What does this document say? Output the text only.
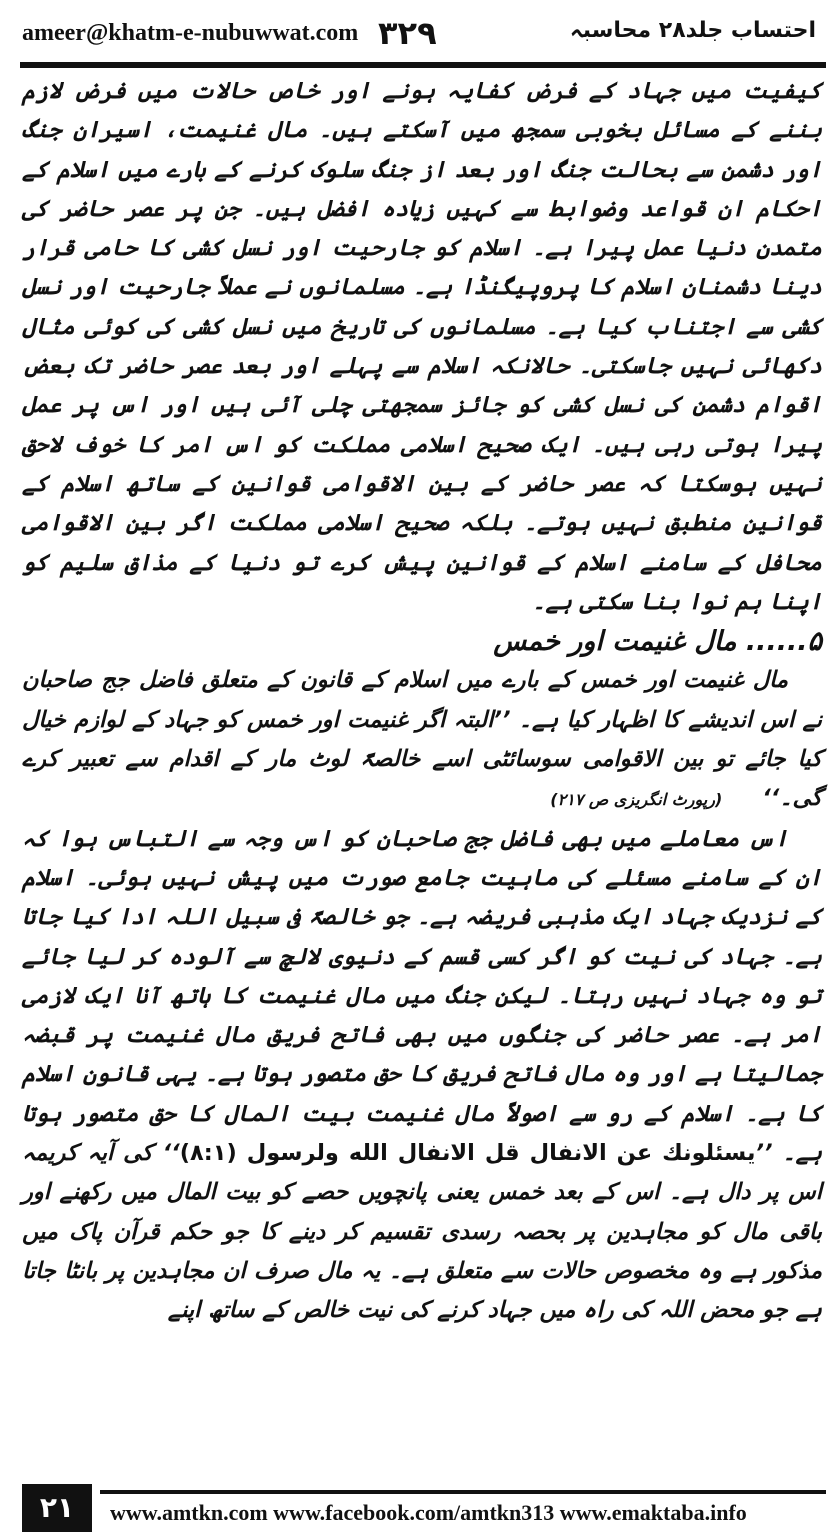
ameer@khatm-e-nubuwwat.com ۳۲۹	احتساب جلد۲۸ محاسبہ

کیفیت میں جہاد کے فرض کفایہ ہونے اور خاص حالات میں فرض لازم بننے کے مسائل بخوبی سمجھ میں آسکتے ہیں۔ مال غنیمت، اسیران جنگ اور دشمن سے بحالت جنگ اور بعد از جنگ سلوک کرنے کے بارے میں اسلام کے احکام ان قواعد وضوابط سے کہیں زیادہ افضل ہیں۔ جن پر عصر حاضر کی متمدن دنیا عمل پیرا ہے۔ اسلام کو جارحیت اور نسل کشی کا حامی قرار دینا دشمنان اسلام کا پروپیگنڈا ہے۔ مسلمانوں نے عملاً جارحیت اور نسل کشی سے اجتناب کیا ہے۔ مسلمانوں کی تاریخ میں نسل کشی کی کوئی مثال دکھائی نہیں جاسکتی۔ حالانکہ اسلام سے پہلے اور بعد عصر حاضر تک بعض اقوام دشمن کی نسل کشی کو جائز سمجھتی چلی آئی ہیں اور اس پر عمل پیرا ہوتی رہی ہیں۔ ایک صحیح اسلامی مملکت کو اس امر کا خوف لاحق نہیں ہوسکتا کہ عصر حاضر کے بین الاقوامی قوانین کے ساتھ اسلام کے قوانین منطبق نہیں ہوتے۔ بلکہ صحیح اسلامی مملکت اگر بین الاقوامی محافل کے سامنے اسلام کے قوانین پیش کرے تو دنیا کے مذاق سلیم کو اپنا ہم نوا بنا سکتی ہے۔

۵...... مال غنیمت اور خمس

مال غنیمت اور خمس کے بارے میں اسلام کے قانون کے متعلق فاضل جج صاحبان نے اس اندیشے کا اظہار کیا ہے۔ ’’البتہ اگر غنیمت اور خمس کو جہاد کے لوازم خیال کیا جائے تو بین الاقوامی سوسائٹی اسے خالصۃً لوٹ مار کے اقدام سے تعبیر کرے گی۔‘‘(رپورٹ انگریزی ص ۲۱۷)

اس معاملے میں بھی فاضل جج صاحبان کو اس وجہ سے التباس ہوا کہ ان کے سامنے مسئلے کی ماہیت جامع صورت میں پیش نہیں ہوئی۔ اسلام کے نزدیک جہاد ایک مذہبی فریضہ ہے۔ جو خالصۃً فی سبیل اللہ ادا کیا جاتا ہے۔ جہاد کی نیت کو اگر کسی قسم کے دنیوی لالچ سے آلودہ کر لیا جائے تو وہ جہاد نہیں رہتا۔ لیکن جنگ میں مال غنیمت کا ہاتھ آنا ایک لازمی امر ہے۔ عصر حاضر کی جنگوں میں بھی فاتح فریق مال غنیمت پر قبضہ جمالیتا ہے اور وہ مال فاتح فریق کا حق متصور ہوتا ہے۔ یہی قانون اسلام کا ہے۔ اسلام کے رو سے اصولاً مال غنیمت بیت المال کا حق متصور ہوتا ہے۔ ’’یسئلونك عن الانفال قل الانفال الله ولرسول (۸:۱)‘‘ کی آیہ کریمہ اس پر دال ہے۔ اس کے بعد خمس یعنی پانچویں حصے کو بیت المال میں رکھنے اور باقی مال کو مجاہدین پر بحصہ رسدی تقسیم کر دینے کا جو حکم قرآن پاک میں مذکور ہے وہ مخصوص حالات سے متعلق ہے۔ یہ مال صرف ان مجاہدین پر بانٹا جاتا ہے جو محض اللہ کی راہ میں جہاد کرنے کی نیت خالص کے ساتھ اپنے

۲۱	www.amtkn.com www.facebook.com/amtkn313 www.emaktaba.info
